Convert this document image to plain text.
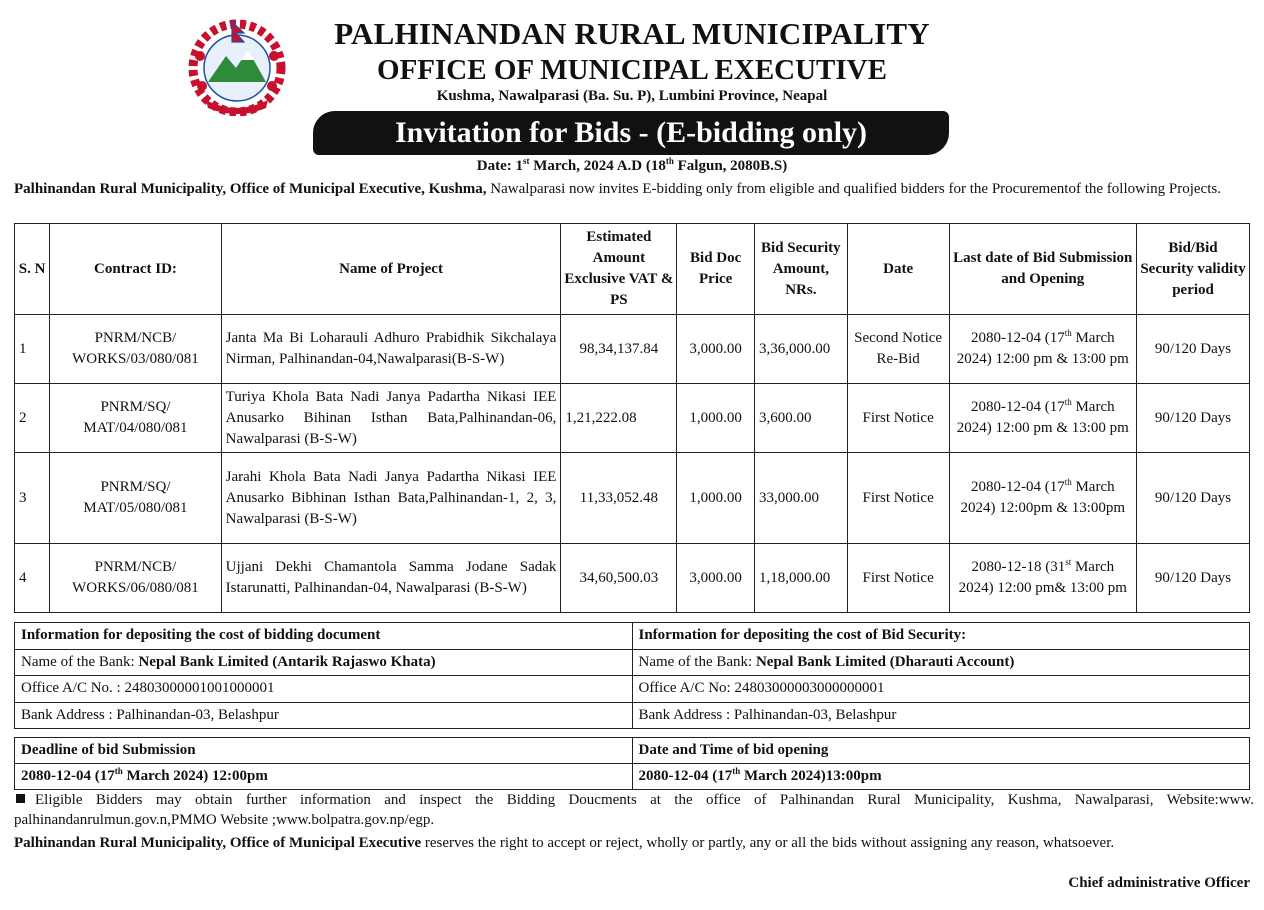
PALHINANDAN RURAL MUNICIPALITY
OFFICE OF MUNICIPAL EXECUTIVE
Kushma, Nawalparasi (Ba. Su. P), Lumbini Province, Neapal
Invitation for Bids - (E-bidding only)
Date: 1st March, 2024 A.D (18th Falgun, 2080B.S)
Palhinandan Rural Municipality, Office of Municipal Executive, Kushma, Nawalparasi now invites E-bidding only from eligible and qualified bidders for the Procurementof the following Projects.
S. N	Contract ID:	Name of Project	Estimated Amount Exclusive VAT & PS	Bid Doc Price	Bid Security Amount, NRs.	Date	Last date of Bid Submission and Opening	Bid/Bid Security validity period
1	PNRM/NCB/ WORKS/03/080/081	Janta Ma Bi Loharauli Adhuro Prabidhik Sikchalaya Nirman, Palhinandan-04,Nawalparasi(B-S-W)	98,34,137.84	3,000.00	3,36,000.00	Second Notice Re-Bid	2080-12-04 (17th March 2024) 12:00 pm & 13:00 pm	90/120 Days
2	PNRM/SQ/ MAT/04/080/081	Turiya Khola Bata Nadi Janya Padartha Nikasi IEE Anusarko Bihinan Isthan Bata,Palhinandan-06, Nawalparasi (B-S-W)	1,21,222.08	1,000.00	3,600.00	First Notice	2080-12-04 (17th March 2024) 12:00 pm & 13:00 pm	90/120 Days
3	PNRM/SQ/ MAT/05/080/081	Jarahi Khola Bata Nadi Janya Padartha Nikasi IEE Anusarko Bibhinan Isthan Bata,Palhinandan-1, 2, 3, Nawalparasi (B-S-W)	11,33,052.48	1,000.00	33,000.00	First Notice	2080-12-04 (17th March 2024) 12:00pm & 13:00pm	90/120 Days
4	PNRM/NCB/ WORKS/06/080/081	Ujjani Dekhi Chamantola Samma Jodane Sadak Istarunatti, Palhinandan-04, Nawalparasi (B-S-W)	34,60,500.03	3,000.00	1,18,000.00	First Notice	2080-12-18 (31st March 2024) 12:00 pm& 13:00 pm	90/120 Days
Information for depositing the cost of bidding document	Information for depositing the cost of Bid Security:
Name of the Bank: Nepal Bank Limited (Antarik Rajaswo Khata)	Name of the Bank: Nepal Bank Limited (Dharauti Account)
Office A/C No. : 24803000001001000001	Office A/C No: 24803000003000000001
Bank Address : Palhinandan-03, Belashpur	Bank Address : Palhinandan-03, Belashpur
Deadline of bid Submission	Date and Time of bid opening
2080-12-04 (17th March 2024) 12:00pm	2080-12-04 (17th March 2024)13:00pm
Eligible Bidders may obtain further information and inspect the Bidding Doucments at the office of Palhinandan Rural Municipality, Kushma, Nawalparasi, Website:www. palhinandanrulmun.gov.n,PMMO Website ;www.bolpatra.gov.np/egp.
Palhinandan Rural Municipality, Office of Municipal Executive reserves the right to accept or reject, wholly or partly, any or all the bids without assigning any reason, whatsoever.
Chief administrative Officer
